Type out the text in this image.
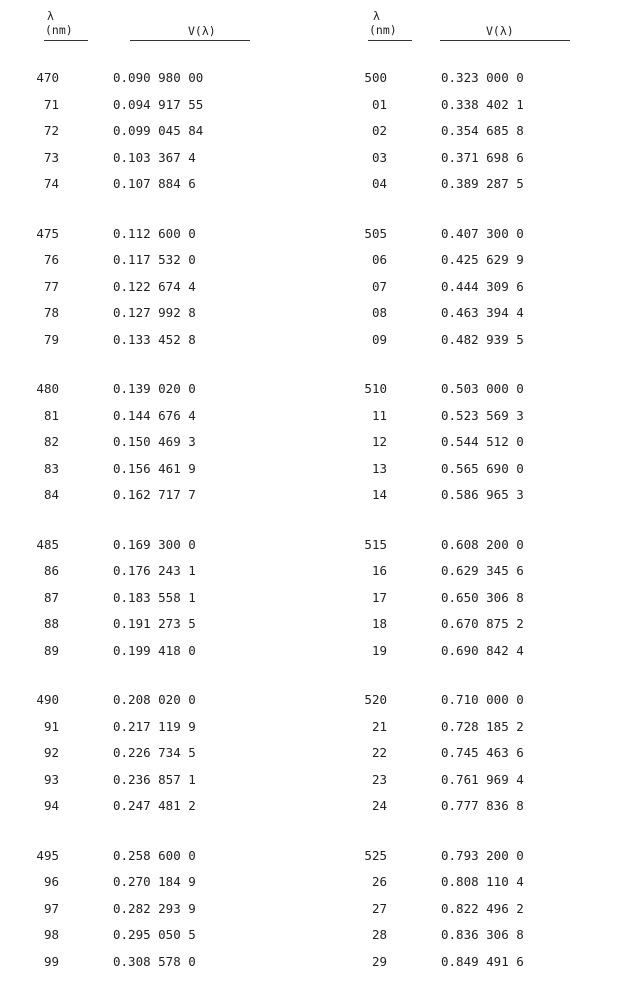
λ
(nm)	V(λ)
λ
(nm)	V(λ)
470	0.090 980 00
71	0.094 917 55
72	0.099 045 84
73	0.103 367 4
74	0.107 884 6
475	0.112 600 0
76	0.117 532 0
77	0.122 674 4
78	0.127 992 8
79	0.133 452 8
480	0.139 020 0
81	0.144 676 4
82	0.150 469 3
83	0.156 461 9
84	0.162 717 7
485	0.169 300 0
86	0.176 243 1
87	0.183 558 1
88	0.191 273 5
89	0.199 418 0
490	0.208 020 0
91	0.217 119 9
92	0.226 734 5
93	0.236 857 1
94	0.247 481 2
495	0.258 600 0
96	0.270 184 9
97	0.282 293 9
98	0.295 050 5
99	0.308 578 0
500	0.323 000 0
01	0.338 402 1
02	0.354 685 8
03	0.371 698 6
04	0.389 287 5
505	0.407 300 0
06	0.425 629 9
07	0.444 309 6
08	0.463 394 4
09	0.482 939 5
510	0.503 000 0
11	0.523 569 3
12	0.544 512 0
13	0.565 690 0
14	0.586 965 3
515	0.608 200 0
16	0.629 345 6
17	0.650 306 8
18	0.670 875 2
19	0.690 842 4
520	0.710 000 0
21	0.728 185 2
22	0.745 463 6
23	0.761 969 4
24	0.777 836 8
525	0.793 200 0
26	0.808 110 4
27	0.822 496 2
28	0.836 306 8
29	0.849 491 6
